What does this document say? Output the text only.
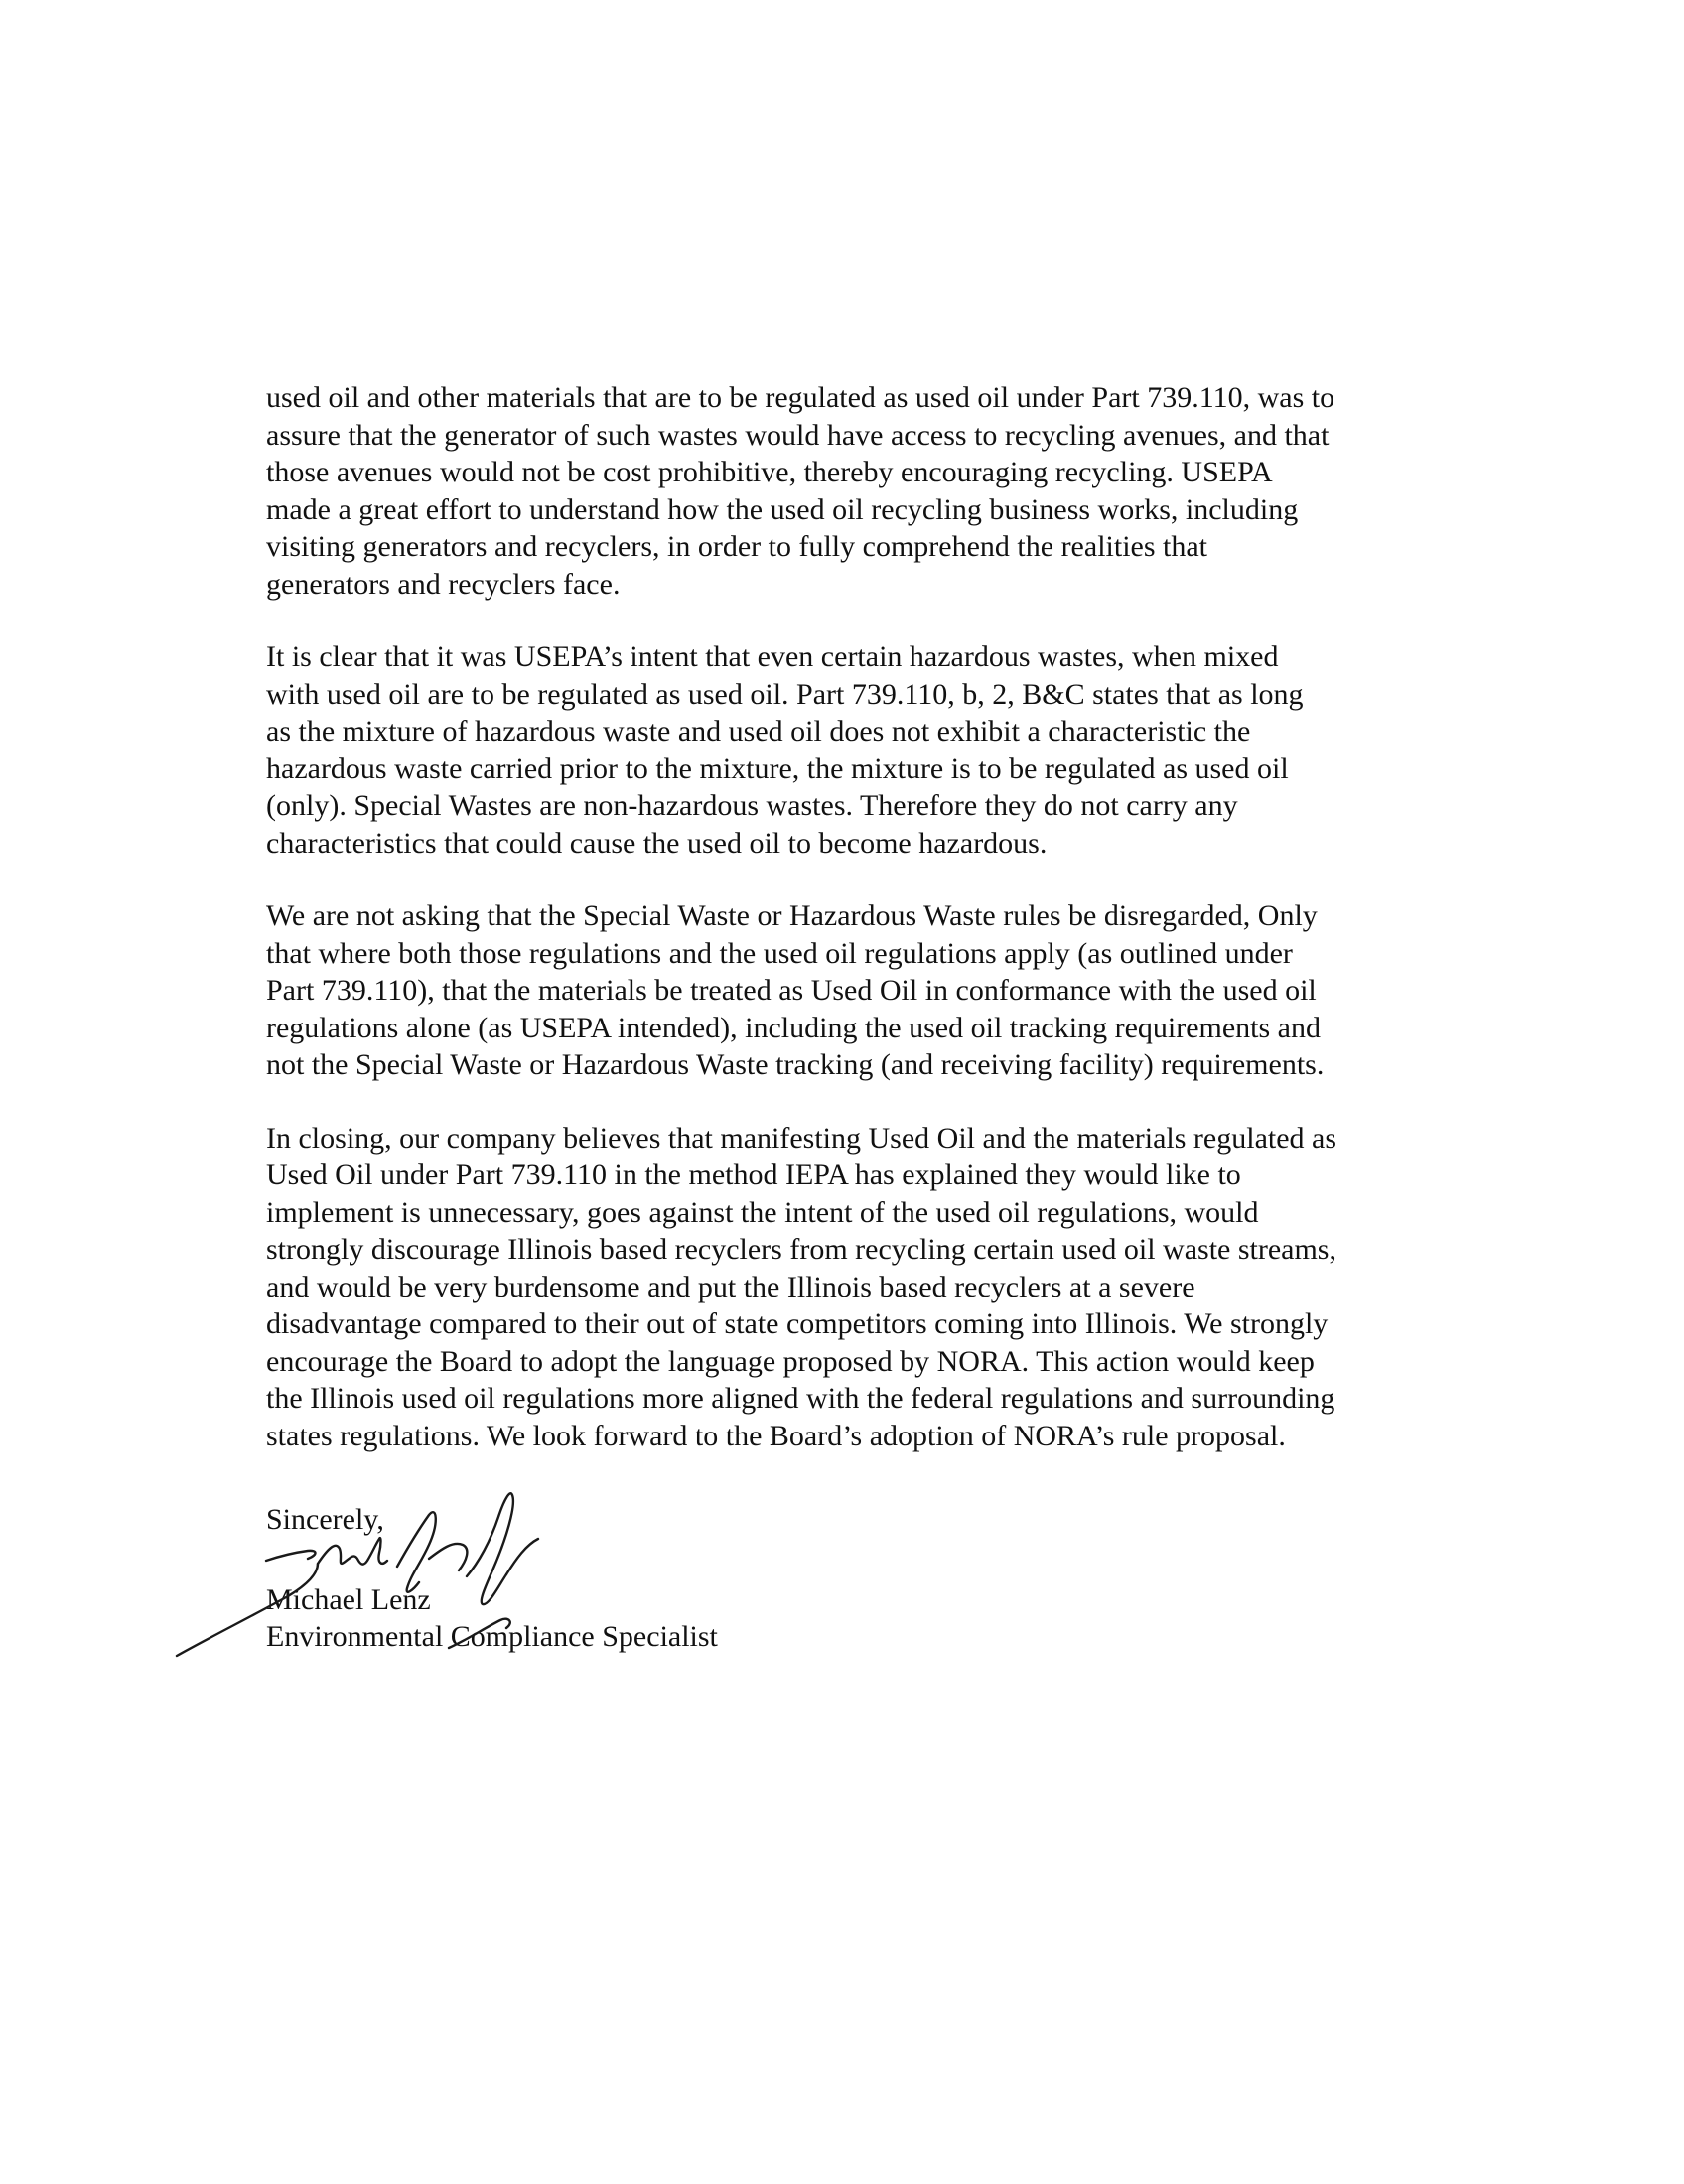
used oil and other materials that are to be regulated as used oil under Part 739.110, was to
assure that the generator of such wastes would have access to recycling avenues, and that
those avenues would not be cost prohibitive, thereby encouraging recycling. USEPA
made a great effort to understand how the used oil recycling business works, including
visiting generators and recyclers, in order to fully comprehend the realities that
generators and recyclers face.

It is clear that it was USEPA’s intent that even certain hazardous wastes, when mixed
with used oil are to be regulated as used oil. Part 739.110, b, 2, B&C states that as long
as the mixture of hazardous waste and used oil does not exhibit a characteristic the
hazardous waste carried prior to the mixture, the mixture is to be regulated as used oil
(only). Special Wastes are non-hazardous wastes. Therefore they do not carry any
characteristics that could cause the used oil to become hazardous.

We are not asking that the Special Waste or Hazardous Waste rules be disregarded, Only
that where both those regulations and the used oil regulations apply (as outlined under
Part 739.110), that the materials be treated as Used Oil in conformance with the used oil
regulations alone (as USEPA intended), including the used oil tracking requirements and
not the Special Waste or Hazardous Waste tracking (and receiving facility) requirements.

In closing, our company believes that manifesting Used Oil and the materials regulated as
Used Oil under Part 739.110 in the method IEPA has explained they would like to
implement is unnecessary, goes against the intent of the used oil regulations, would
strongly discourage Illinois based recyclers from recycling certain used oil waste streams,
and would be very burdensome and put the Illinois based recyclers at a severe
disadvantage compared to their out of state competitors coming into Illinois. We strongly
encourage the Board to adopt the language proposed by NORA. This action would keep
the Illinois used oil regulations more aligned with the federal regulations and surrounding
states regulations. We look forward to the Board’s adoption of NORA’s rule proposal.

Sincerely,
Michael Lenz
Environmental Compliance Specialist
